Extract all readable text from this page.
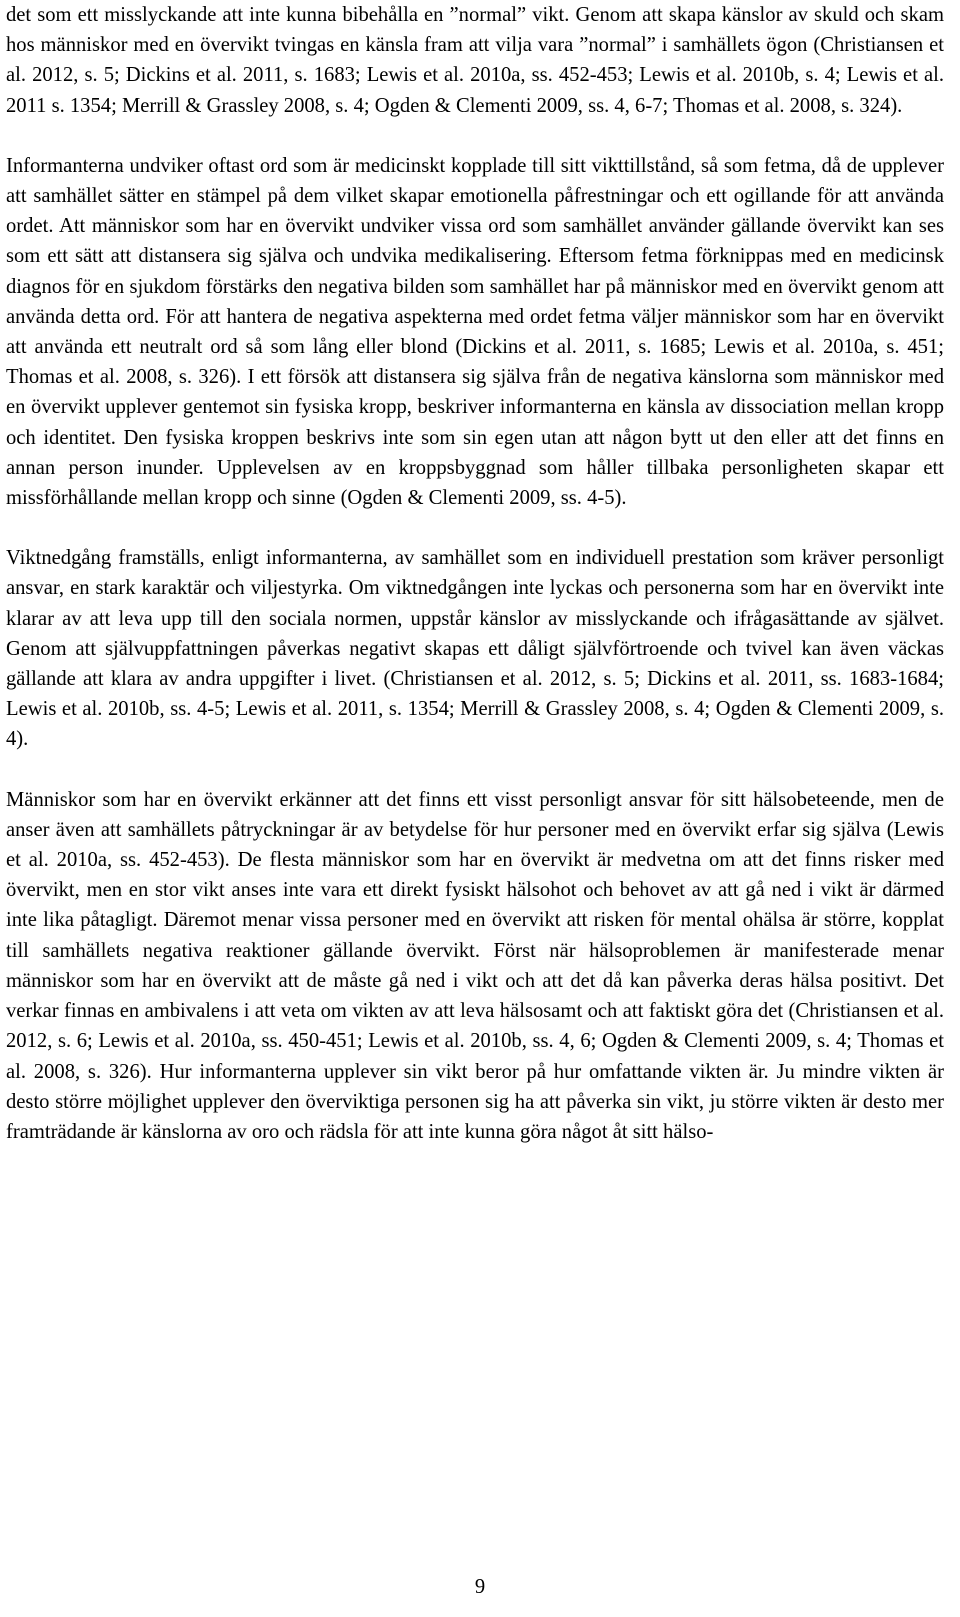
det som ett misslyckande att inte kunna bibehålla en ”normal” vikt. Genom att skapa känslor av skuld och skam hos människor med en övervikt tvingas en känsla fram att vilja vara ”normal” i samhällets ögon (Christiansen et al. 2012, s. 5; Dickins et al. 2011, s. 1683; Lewis et al. 2010a, ss. 452-453; Lewis et al. 2010b, s. 4; Lewis et al. 2011 s. 1354; Merrill & Grassley 2008, s. 4; Ogden & Clementi 2009, ss. 4, 6-7; Thomas et al. 2008, s. 324).

Informanterna undviker oftast ord som är medicinskt kopplade till sitt vikttillstånd, så som fetma, då de upplever att samhället sätter en stämpel på dem vilket skapar emotionella påfrestningar och ett ogillande för att använda ordet. Att människor som har en övervikt undviker vissa ord som samhället använder gällande övervikt kan ses som ett sätt att distansera sig själva och undvika medikalisering. Eftersom fetma förknippas med en medicinsk diagnos för en sjukdom förstärks den negativa bilden som samhället har på människor med en övervikt genom att använda detta ord. För att hantera de negativa aspekterna med ordet fetma väljer människor som har en övervikt att använda ett neutralt ord så som lång eller blond (Dickins et al. 2011, s. 1685; Lewis et al. 2010a, s. 451; Thomas et al. 2008, s. 326). I ett försök att distansera sig själva från de negativa känslorna som människor med en övervikt upplever gentemot sin fysiska kropp, beskriver informanterna en känsla av dissociation mellan kropp och identitet. Den fysiska kroppen beskrivs inte som sin egen utan att någon bytt ut den eller att det finns en annan person inunder. Upplevelsen av en kroppsbyggnad som håller tillbaka personligheten skapar ett missförhållande mellan kropp och sinne (Ogden & Clementi 2009, ss. 4-5).

Viktnedgång framställs, enligt informanterna, av samhället som en individuell prestation som kräver personligt ansvar, en stark karaktär och viljestyrka. Om viktnedgången inte lyckas och personerna som har en övervikt inte klarar av att leva upp till den sociala normen, uppstår känslor av misslyckande och ifrågasättande av självet. Genom att självuppfattningen påverkas negativt skapas ett dåligt självförtroende och tvivel kan även väckas gällande att klara av andra uppgifter i livet. (Christiansen et al. 2012, s. 5; Dickins et al. 2011, ss. 1683-1684; Lewis et al. 2010b, ss. 4-5; Lewis et al. 2011, s. 1354; Merrill & Grassley 2008, s. 4; Ogden & Clementi 2009, s. 4).

Människor som har en övervikt erkänner att det finns ett visst personligt ansvar för sitt hälsobeteende, men de anser även att samhällets påtryckningar är av betydelse för hur personer med en övervikt erfar sig själva (Lewis et al. 2010a, ss. 452-453). De flesta människor som har en övervikt är medvetna om att det finns risker med övervikt, men en stor vikt anses inte vara ett direkt fysiskt hälsohot och behovet av att gå ned i vikt är därmed inte lika påtagligt. Däremot menar vissa personer med en övervikt att risken för mental ohälsa är större, kopplat till samhällets negativa reaktioner gällande övervikt. Först när hälsoproblemen är manifesterade menar människor som har en övervikt att de måste gå ned i vikt och att det då kan påverka deras hälsa positivt. Det verkar finnas en ambivalens i att veta om vikten av att leva hälsosamt och att faktiskt göra det (Christiansen et al. 2012, s. 6; Lewis et al. 2010a, ss. 450-451; Lewis et al. 2010b, ss. 4, 6; Ogden & Clementi 2009, s. 4; Thomas et al. 2008, s. 326). Hur informanterna upplever sin vikt beror på hur omfattande vikten är. Ju mindre vikten är desto större möjlighet upplever den överviktiga personen sig ha att påverka sin vikt, ju större vikten är desto mer framträdande är känslorna av oro och rädsla för att inte kunna göra något åt sitt hälso-

9
